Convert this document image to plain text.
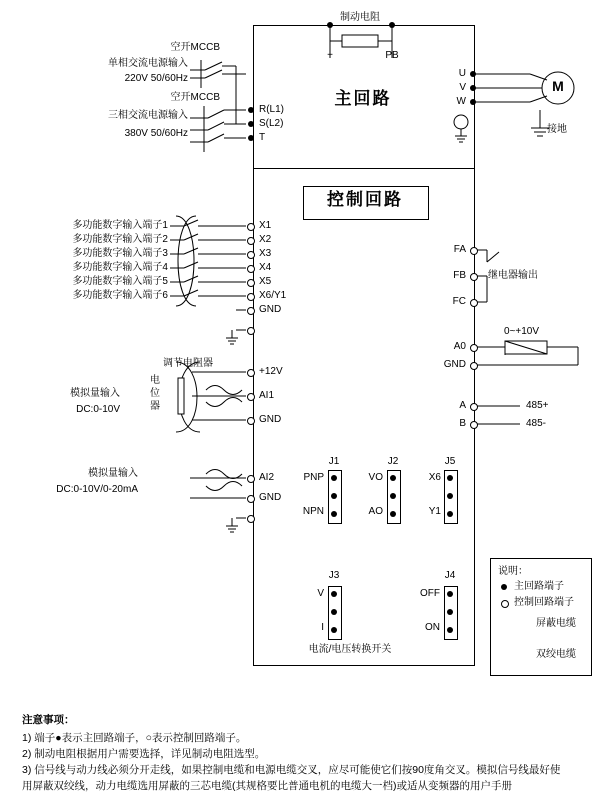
主回路
控制回路
+	PB
制动电阻
R(L1)
S(L2)
T
U
V
W
M
接地
空开MCCB
空开MCCB
单相交流电源输入
220V 50/60Hz
三相交流电源输入
380V 50/60Hz
X1
X2
X3
X4
X5
X6/Y1
GND
多功能数字输入端子1
多功能数字输入端子2
多功能数字输入端子3
多功能数字输入端子4
多功能数字输入端子5
多功能数字输入端子6
FA
FB
FC
继电器输出
A0
GND
0~+10V
A
B
485+
485-
+12V
AI1
GND
调节电阻器
电位器
模拟量输入
DC:0-10V
AI2
GND
模拟量输入
DC:0-10V/0-20mA
J1
PNP
NPN
J2
VO
AO
J5
X6
Y1
J3
V
I
J4
OFF
ON
电流/电压转换开关
说明：
主回路端子
控制回路端子
屏蔽电缆
双绞电缆
注意事项：
1) 端子●表示主回路端子，○表示控制回路端子。
2) 制动电阻根据用户需要选择，详见制动电阻选型。
3) 信号线与动力线必须分开走线，如果控制电缆和电源电缆交叉，应尽可能使它们按90度角交叉。模拟信号线最好使
用屏蔽双绞线，动力电缆选用屏蔽的三芯电缆(其规格要比普通电机的电缆大一档)或适从变频器的用户手册
